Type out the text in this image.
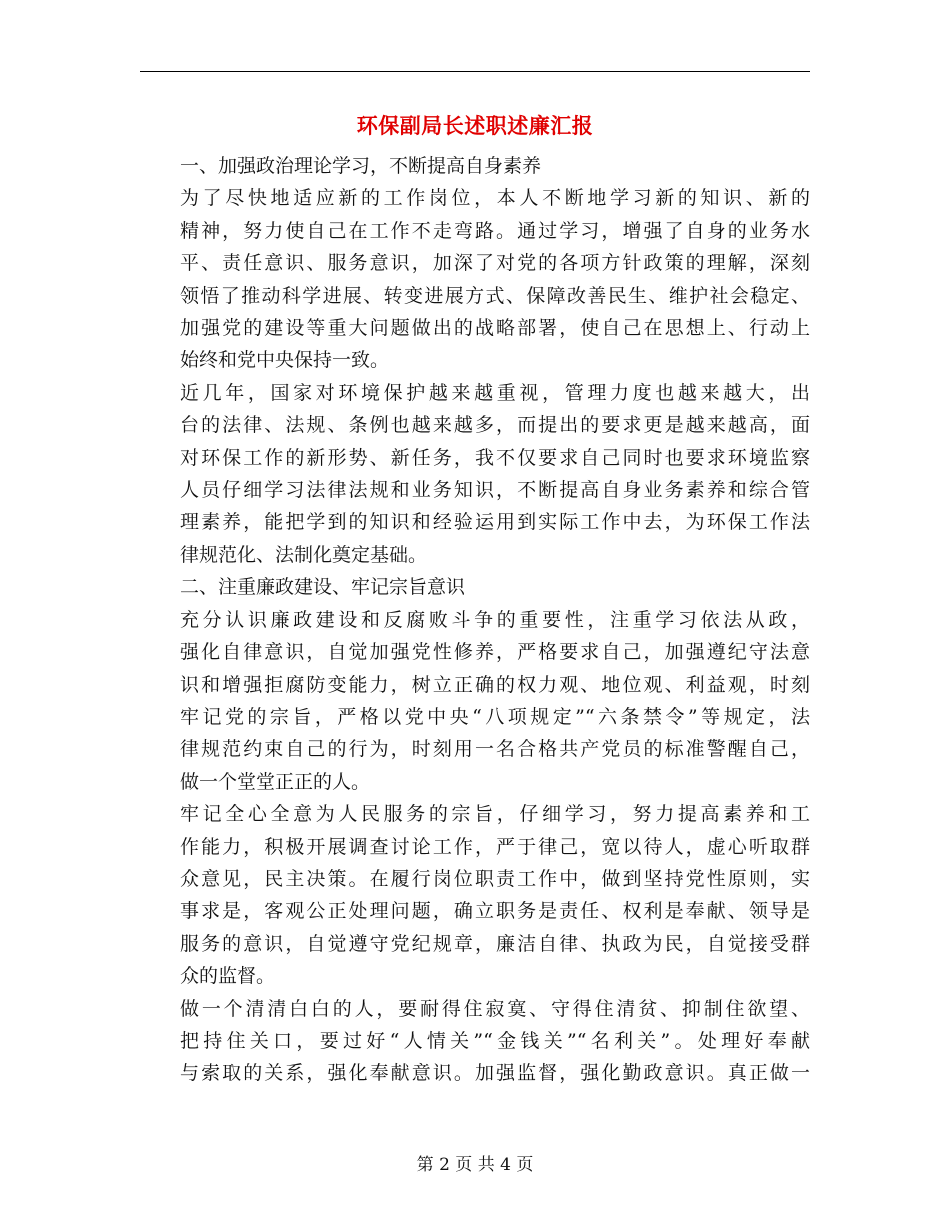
环保副局长述职述廉汇报

一、加强政治理论学习，不断提高自身素养

为了尽快地适应新的工作岗位，本人不断地学习新的知识、新的
精神，努力使自己在工作不走弯路。通过学习，增强了自身的业务水
平、责任意识、服务意识，加深了对党的各项方针政策的理解，深刻
领悟了推动科学进展、转变进展方式、保障改善民生、维护社会稳定、
加强党的建设等重大问题做出的战略部署，使自己在思想上、行动上
始终和党中央保持一致。

近几年，国家对环境保护越来越重视，管理力度也越来越大，出
台的法律、法规、条例也越来越多，而提出的要求更是越来越高，面
对环保工作的新形势、新任务，我不仅要求自己同时也要求环境监察
人员仔细学习法律法规和业务知识，不断提高自身业务素养和综合管
理素养，能把学到的知识和经验运用到实际工作中去，为环保工作法
律规范化、法制化奠定基础。

二、注重廉政建设、牢记宗旨意识

充分认识廉政建设和反腐败斗争的重要性，注重学习依法从政，
强化自律意识，自觉加强党性修养，严格要求自己，加强遵纪守法意
识和增强拒腐防变能力，树立正确的权力观、地位观、利益观，时刻
牢记党的宗旨，严格以党中央“八项规定”“六条禁令”等规定，法
律规范约束自己的行为，时刻用一名合格共产党员的标准警醒自己，
做一个堂堂正正的人。

牢记全心全意为人民服务的宗旨，仔细学习，努力提高素养和工
作能力，积极开展调查讨论工作，严于律己，宽以待人，虚心听取群
众意见，民主决策。在履行岗位职责工作中，做到坚持党性原则，实
事求是，客观公正处理问题，确立职务是责任、权利是奉献、领导是
服务的意识，自觉遵守党纪规章，廉洁自律、执政为民，自觉接受群
众的监督。

做一个清清白白的人，要耐得住寂寞、守得住清贫、抑制住欲望、
把持住关口，要过好“人情关”“金钱关”“名利关”。处理好奉献
与索取的关系，强化奉献意识。加强监督，强化勤政意识。真正做一

第 2 页 共 4 页
